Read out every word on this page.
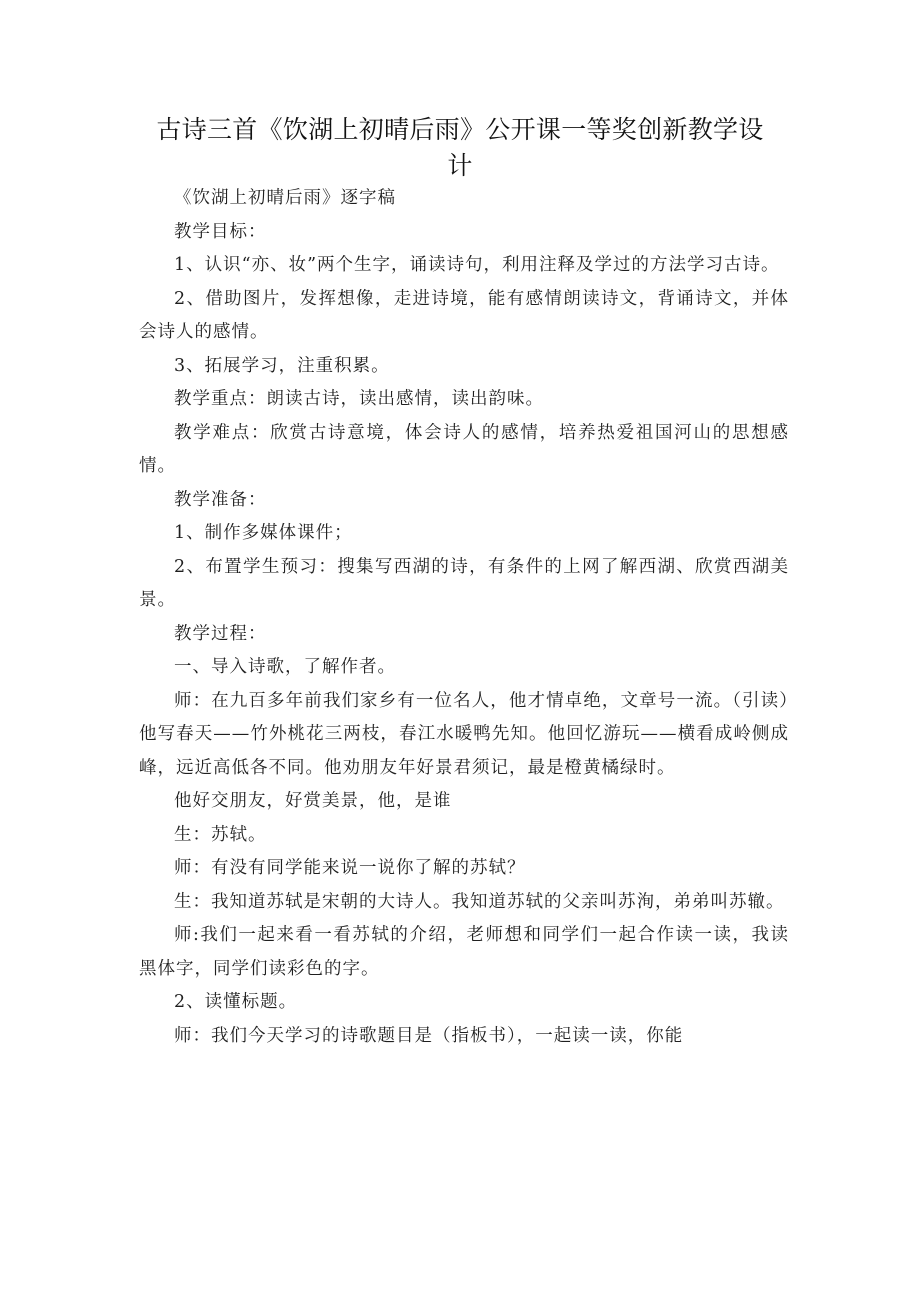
古诗三首《饮湖上初晴后雨》公开课一等奖创新教学设计

《饮湖上初晴后雨》逐字稿

教学目标：

1、认识“亦、妆”两个生字，诵读诗句，利用注释及学过的方法学习古诗。

2、借助图片，发挥想像，走进诗境，能有感情朗读诗文，背诵诗文，并体会诗人的感情。

3、拓展学习，注重积累。

教学重点：朗读古诗，读出感情，读出韵味。

教学难点：欣赏古诗意境，体会诗人的感情，培养热爱祖国河山的思想感情。

教学准备：

1、制作多媒体课件；

2、布置学生预习：搜集写西湖的诗，有条件的上网了解西湖、欣赏西湖美景。

教学过程：

一、导入诗歌，了解作者。

师：在九百多年前我们家乡有一位名人，他才情卓绝，文章号一流。（引读）他写春天——竹外桃花三两枝，春江水暖鸭先知。他回忆游玩——横看成岭侧成峰，远近高低各不同。他劝朋友年好景君须记，最是橙黄橘绿时。

他好交朋友，好赏美景，他，是谁

生：苏轼。

师：有没有同学能来说一说你了解的苏轼？

生：我知道苏轼是宋朝的大诗人。我知道苏轼的父亲叫苏洵，弟弟叫苏辙。

师:我们一起来看一看苏轼的介绍，老师想和同学们一起合作读一读，我读黑体字，同学们读彩色的字。

2、读懂标题。

师：我们今天学习的诗歌题目是（指板书），一起读一读，你能
